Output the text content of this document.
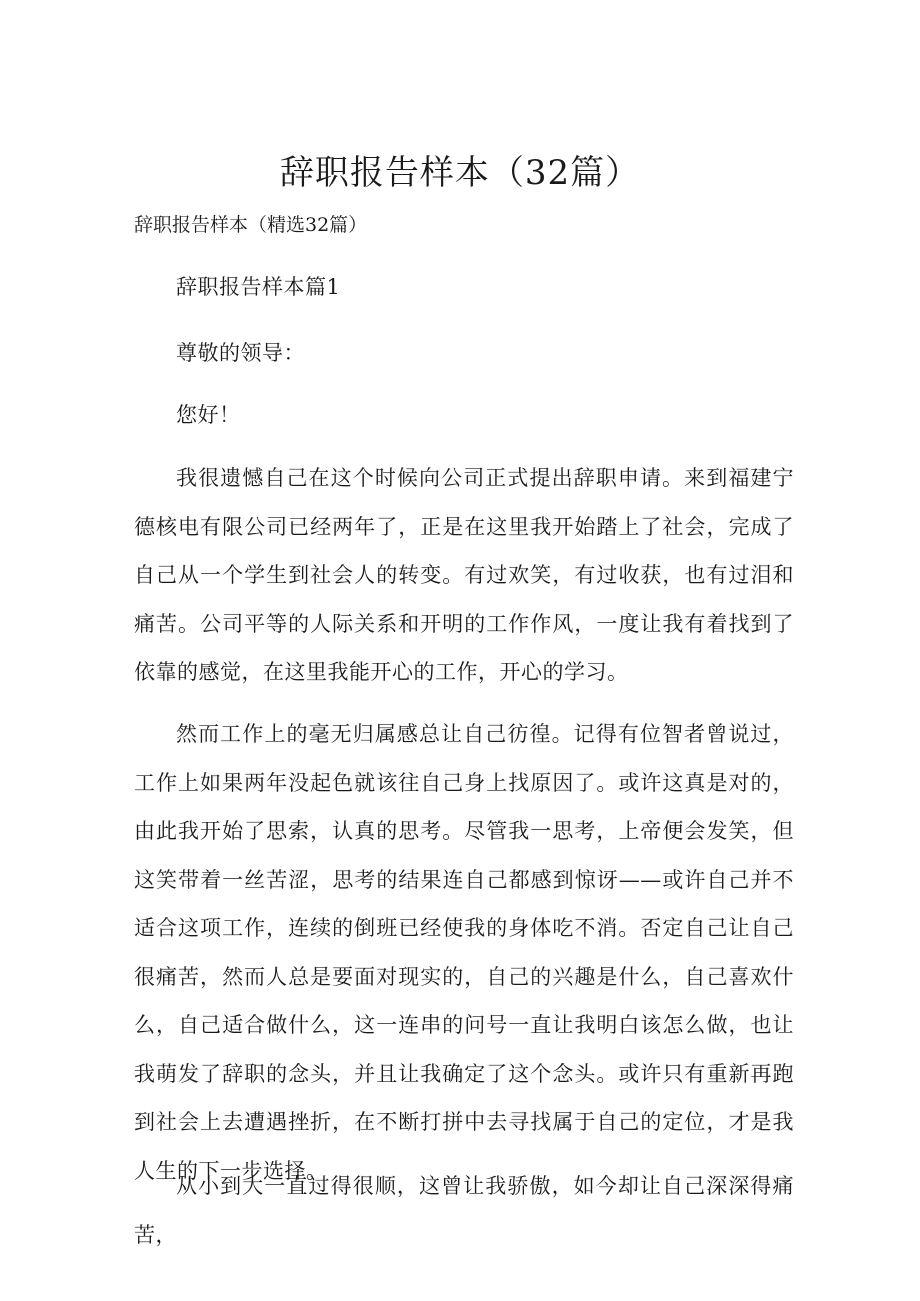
辞职报告样本（32篇）

辞职报告样本（精选32篇）

辞职报告样本篇1

尊敬的领导：

您好！

我很遗憾自己在这个时候向公司正式提出辞职申请。来到福建宁德核电有限公司已经两年了，正是在这里我开始踏上了社会，完成了自己从一个学生到社会人的转变。有过欢笑，有过收获，也有过泪和痛苦。公司平等的人际关系和开明的工作作风，一度让我有着找到了依靠的感觉，在这里我能开心的工作，开心的学习。

然而工作上的毫无归属感总让自己彷徨。记得有位智者曾说过，工作上如果两年没起色就该往自己身上找原因了。或许这真是对的，由此我开始了思索，认真的思考。尽管我一思考，上帝便会发笑，但这笑带着一丝苦涩，思考的结果连自己都感到惊讶——或许自己并不适合这项工作，连续的倒班已经使我的身体吃不消。否定自己让自己很痛苦，然而人总是要面对现实的，自己的兴趣是什么，自己喜欢什么，自己适合做什么，这一连串的问号一直让我明白该怎么做，也让我萌发了辞职的念头，并且让我确定了这个念头。或许只有重新再跑到社会上去遭遇挫折，在不断打拼中去寻找属于自己的定位，才是我人生的下一步选择。

从小到大一直过得很顺，这曾让我骄傲，如今却让自己深深得痛苦，
